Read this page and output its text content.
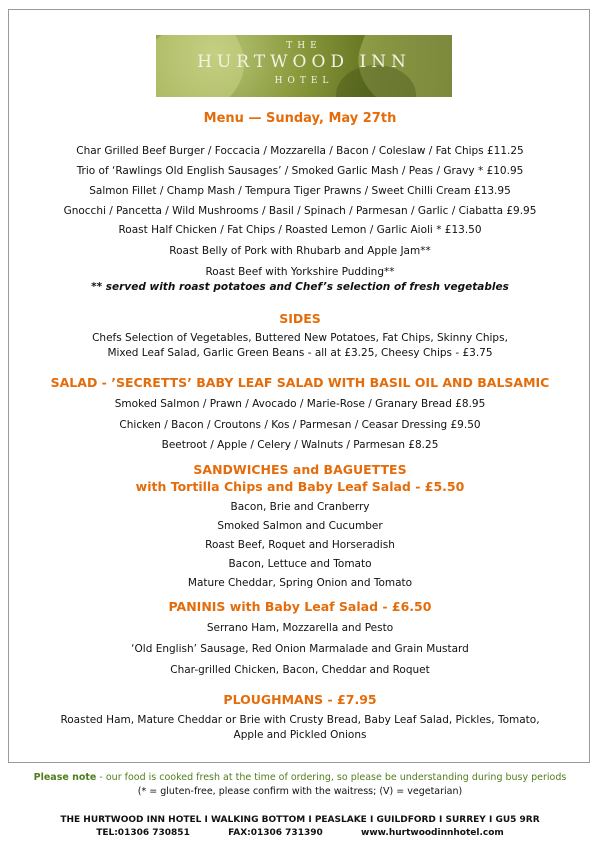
THE
HURTWOOD INN
HOTEL
Menu — Sunday, May 27th
Char Grilled Beef Burger / Foccacia / Mozzarella / Bacon / Coleslaw / Fat Chips £11.25
Trio of ‘Rawlings Old English Sausages’ / Smoked Garlic Mash / Peas / Gravy * £10.95
Salmon Fillet / Champ Mash / Tempura Tiger Prawns / Sweet Chilli Cream £13.95
Gnocchi / Pancetta / Wild Mushrooms / Basil / Spinach / Parmesan / Garlic / Ciabatta £9.95
Roast Half Chicken / Fat Chips / Roasted Lemon / Garlic Aioli * £13.50
Roast Belly of Pork with Rhubarb and Apple Jam**
Roast Beef with Yorkshire Pudding**
** served with roast potatoes and Chef’s selection of fresh vegetables
SIDES
Chefs Selection of Vegetables, Buttered New Potatoes, Fat Chips, Skinny Chips,
Mixed Leaf Salad, Garlic Green Beans - all at £3.25, Cheesy Chips - £3.75
SALAD - ’SECRETTS’ BABY LEAF SALAD WITH BASIL OIL AND BALSAMIC
Smoked Salmon / Prawn / Avocado / Marie-Rose / Granary Bread £8.95
Chicken / Bacon / Croutons / Kos / Parmesan / Ceasar Dressing £9.50
Beetroot / Apple / Celery / Walnuts / Parmesan £8.25
SANDWICHES and BAGUETTES
with Tortilla Chips and Baby Leaf Salad - £5.50
Bacon, Brie and Cranberry
Smoked Salmon and Cucumber
Roast Beef, Roquet and Horseradish
Bacon, Lettuce and Tomato
Mature Cheddar, Spring Onion and Tomato
PANINIS with Baby Leaf Salad - £6.50
Serrano Ham, Mozzarella and Pesto
‘Old English’ Sausage, Red Onion Marmalade and Grain Mustard
Char-grilled Chicken, Bacon, Cheddar and Roquet
PLOUGHMANS - £7.95
Roasted Ham, Mature Cheddar or Brie with Crusty Bread, Baby Leaf Salad, Pickles, Tomato,
Apple and Pickled Onions
Please note - our food is cooked fresh at the time of ordering, so please be understanding during busy periods
(* = gluten-free, please confirm with the waitress; (V) = vegetarian)
THE HURTWOOD INN HOTEL I WALKING BOTTOM I PEASLAKE I GUILDFORD I SURREY I GU5 9RR
TEL:01306 730851	FAX:01306 731390	www.hurtwoodinnhotel.com
